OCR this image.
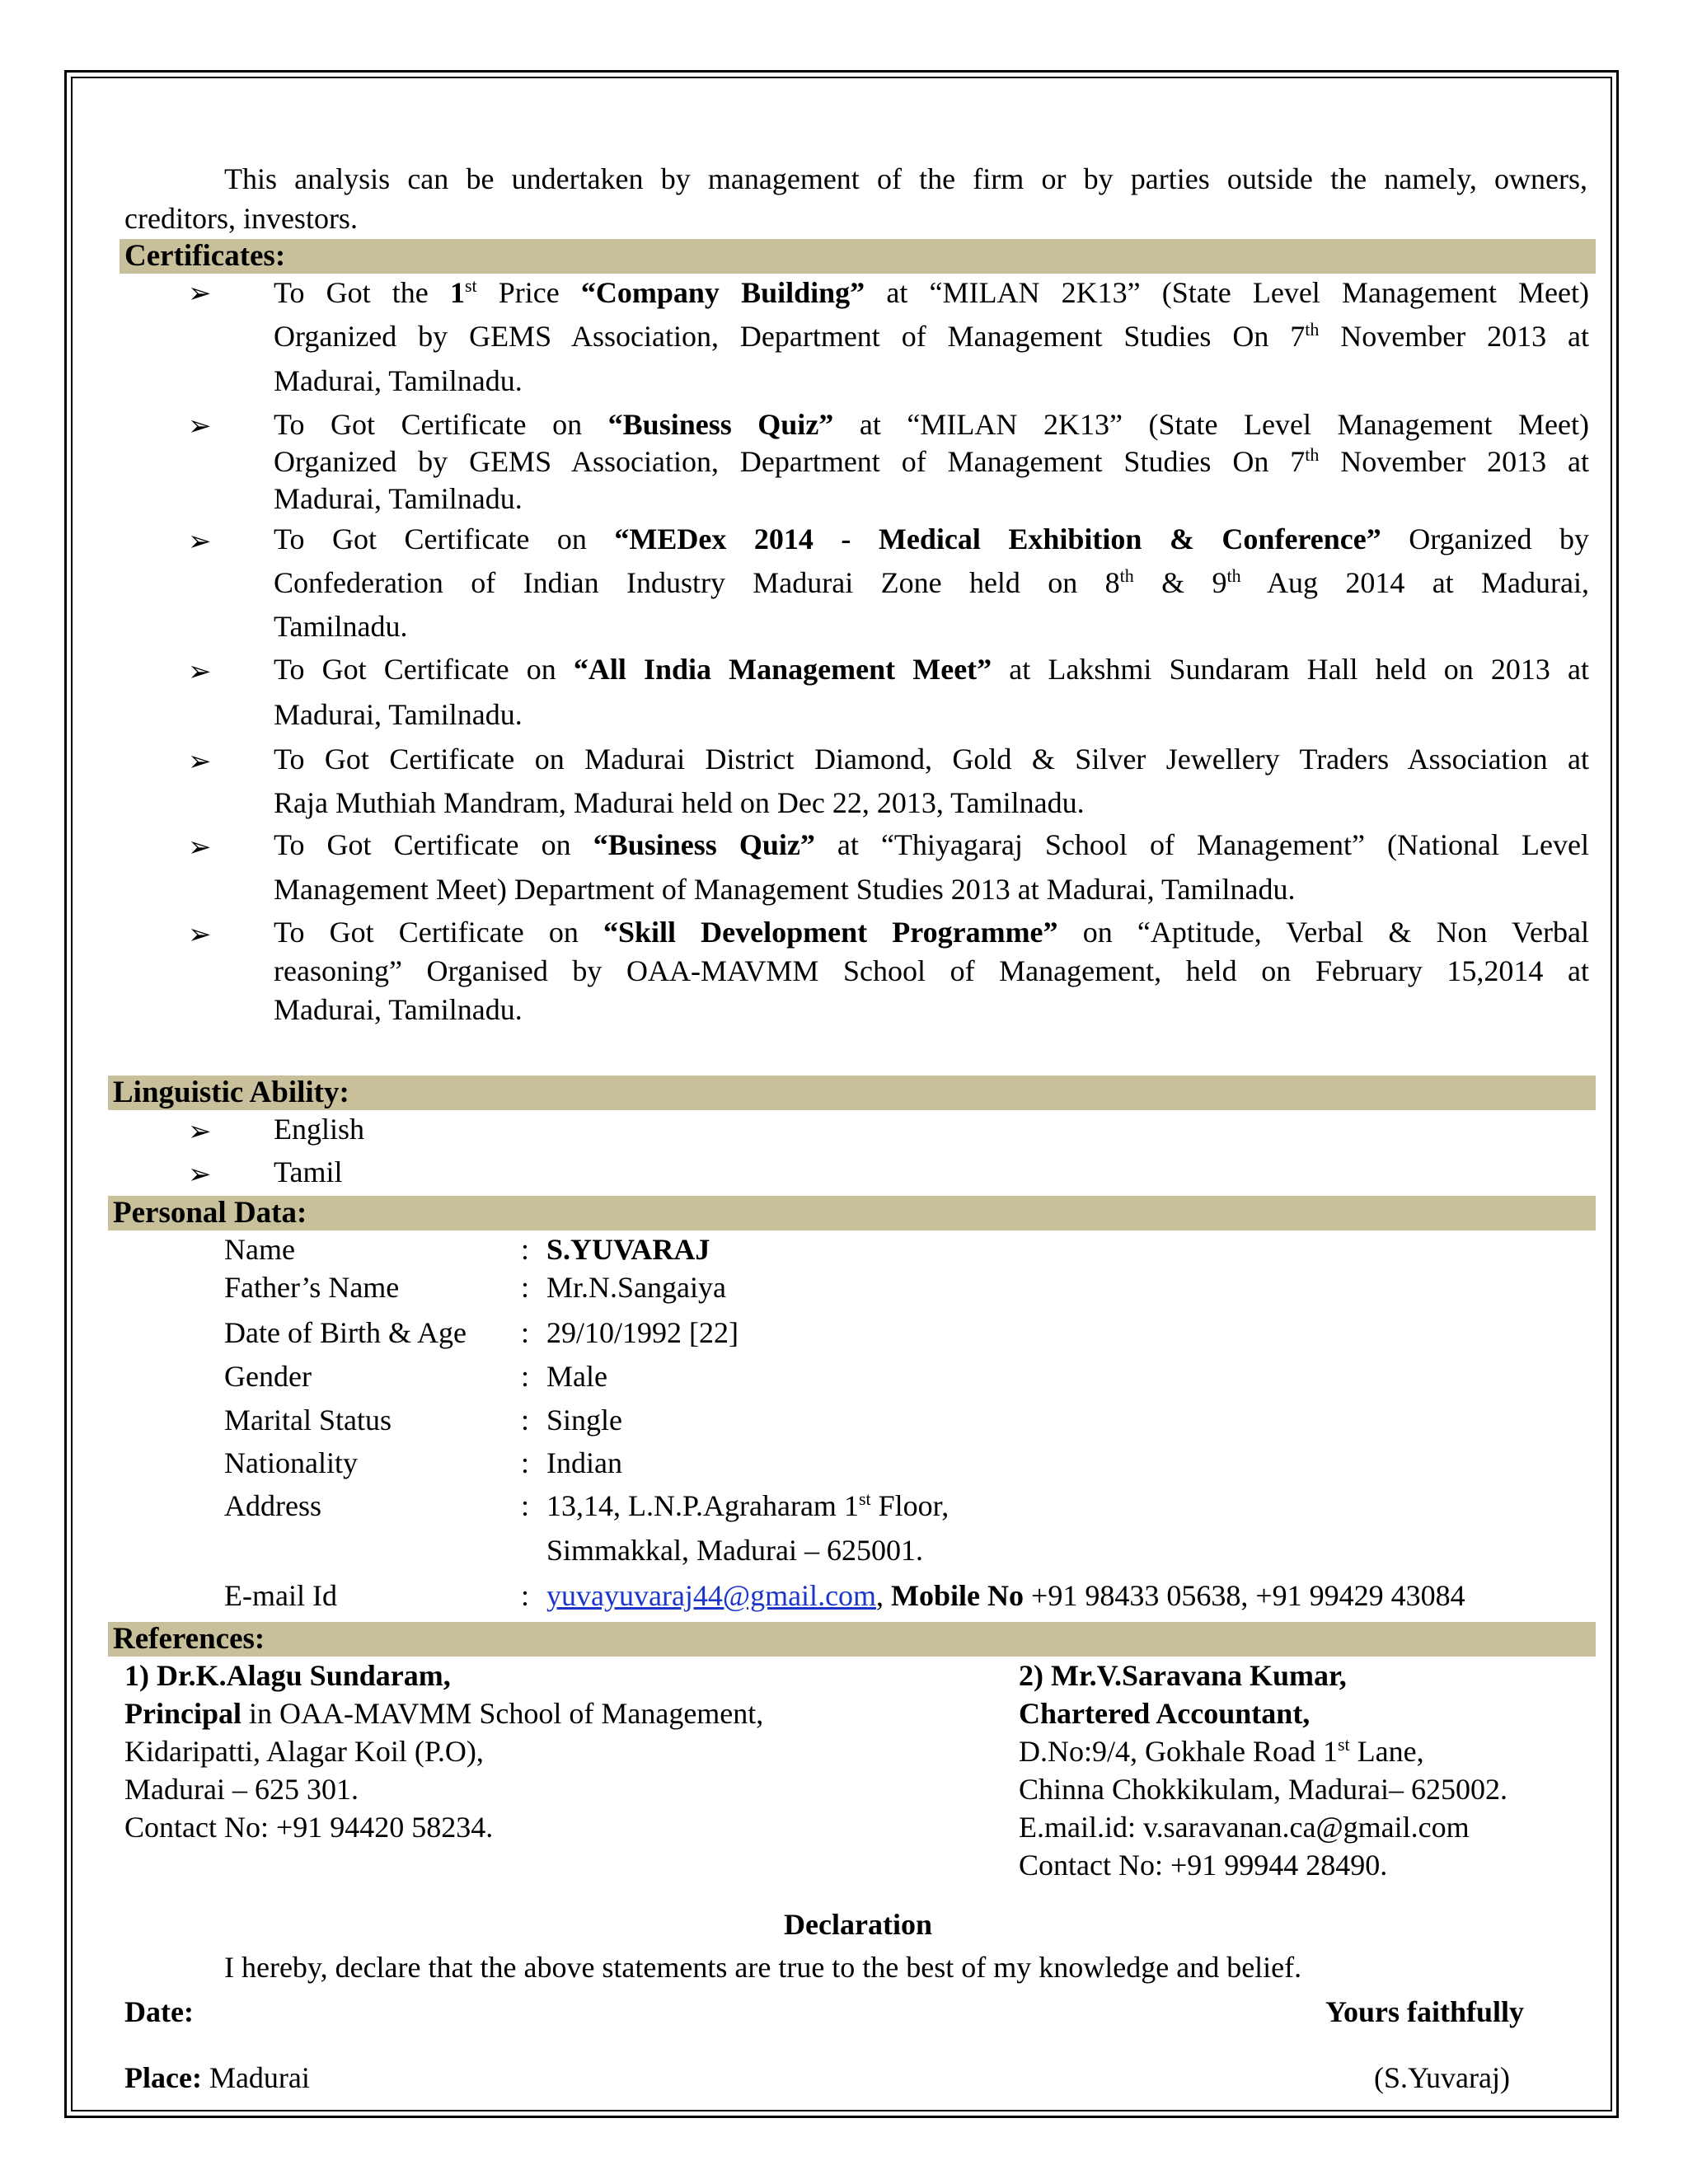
This analysis can be undertaken by management of the firm or by parties outside the namely, owners,
creditors, investors.
Certificates:
➢ To Got the 1st Price “Company Building” at “MILAN 2K13” (State Level Management Meet)
Organized by GEMS Association, Department of Management Studies On 7th November 2013 at
Madurai, Tamilnadu.
➢ To Got Certificate on “Business Quiz” at “MILAN 2K13” (State Level Management Meet)
Organized by GEMS Association, Department of Management Studies On 7th November 2013 at
Madurai, Tamilnadu.
➢ To Got Certificate on “MEDex 2014 - Medical Exhibition & Conference” Organized by
Confederation of Indian Industry Madurai Zone held on 8th & 9th Aug 2014 at Madurai,
Tamilnadu.
➢ To Got Certificate on “All India Management Meet” at Lakshmi Sundaram Hall held on 2013 at
Madurai, Tamilnadu.
➢ To Got Certificate on Madurai District Diamond, Gold & Silver Jewellery Traders Association at
Raja Muthiah Mandram, Madurai held on Dec 22, 2013, Tamilnadu.
➢ To Got Certificate on “Business Quiz” at “Thiyagaraj School of Management” (National Level
Management Meet) Department of Management Studies 2013 at Madurai, Tamilnadu.
➢ To Got Certificate on “Skill Development Programme” on “Aptitude, Verbal & Non Verbal
reasoning” Organised by OAA-MAVMM School of Management, held on February 15,2014 at
Madurai, Tamilnadu.
Linguistic Ability:
➢ English
➢ Tamil
Personal Data:
Name	: S.YUVARAJ
Father’s Name	: Mr.N.Sangaiya
Date of Birth & Age : 29/10/1992 [22]
Gender	: Male
Marital Status	: Single
Nationality	: Indian
Address	: 13,14, L.N.P.Agraharam 1st Floor,
Simmakkal, Madurai – 625001.
E-mail Id	: yuvayuvaraj44@gmail.com, Mobile No +91 98433 05638, +91 99429 43084
References:
1) Dr.K.Alagu Sundaram,
Principal in OAA-MAVMM School of Management,
Kidaripatti, Alagar Koil (P.O),
Madurai – 625 301.
Contact No: +91 94420 58234.
2) Mr.V.Saravana Kumar,
Chartered Accountant,
D.No:9/4, Gokhale Road 1st Lane,
Chinna Chokkikulam, Madurai– 625002.
E.mail.id: v.saravanan.ca@gmail.com
Contact No: +91 99944 28490.
Declaration
I hereby, declare that the above statements are true to the best of my knowledge and belief.
Date:	Yours faithfully
Place: Madurai	(S.Yuvaraj)
